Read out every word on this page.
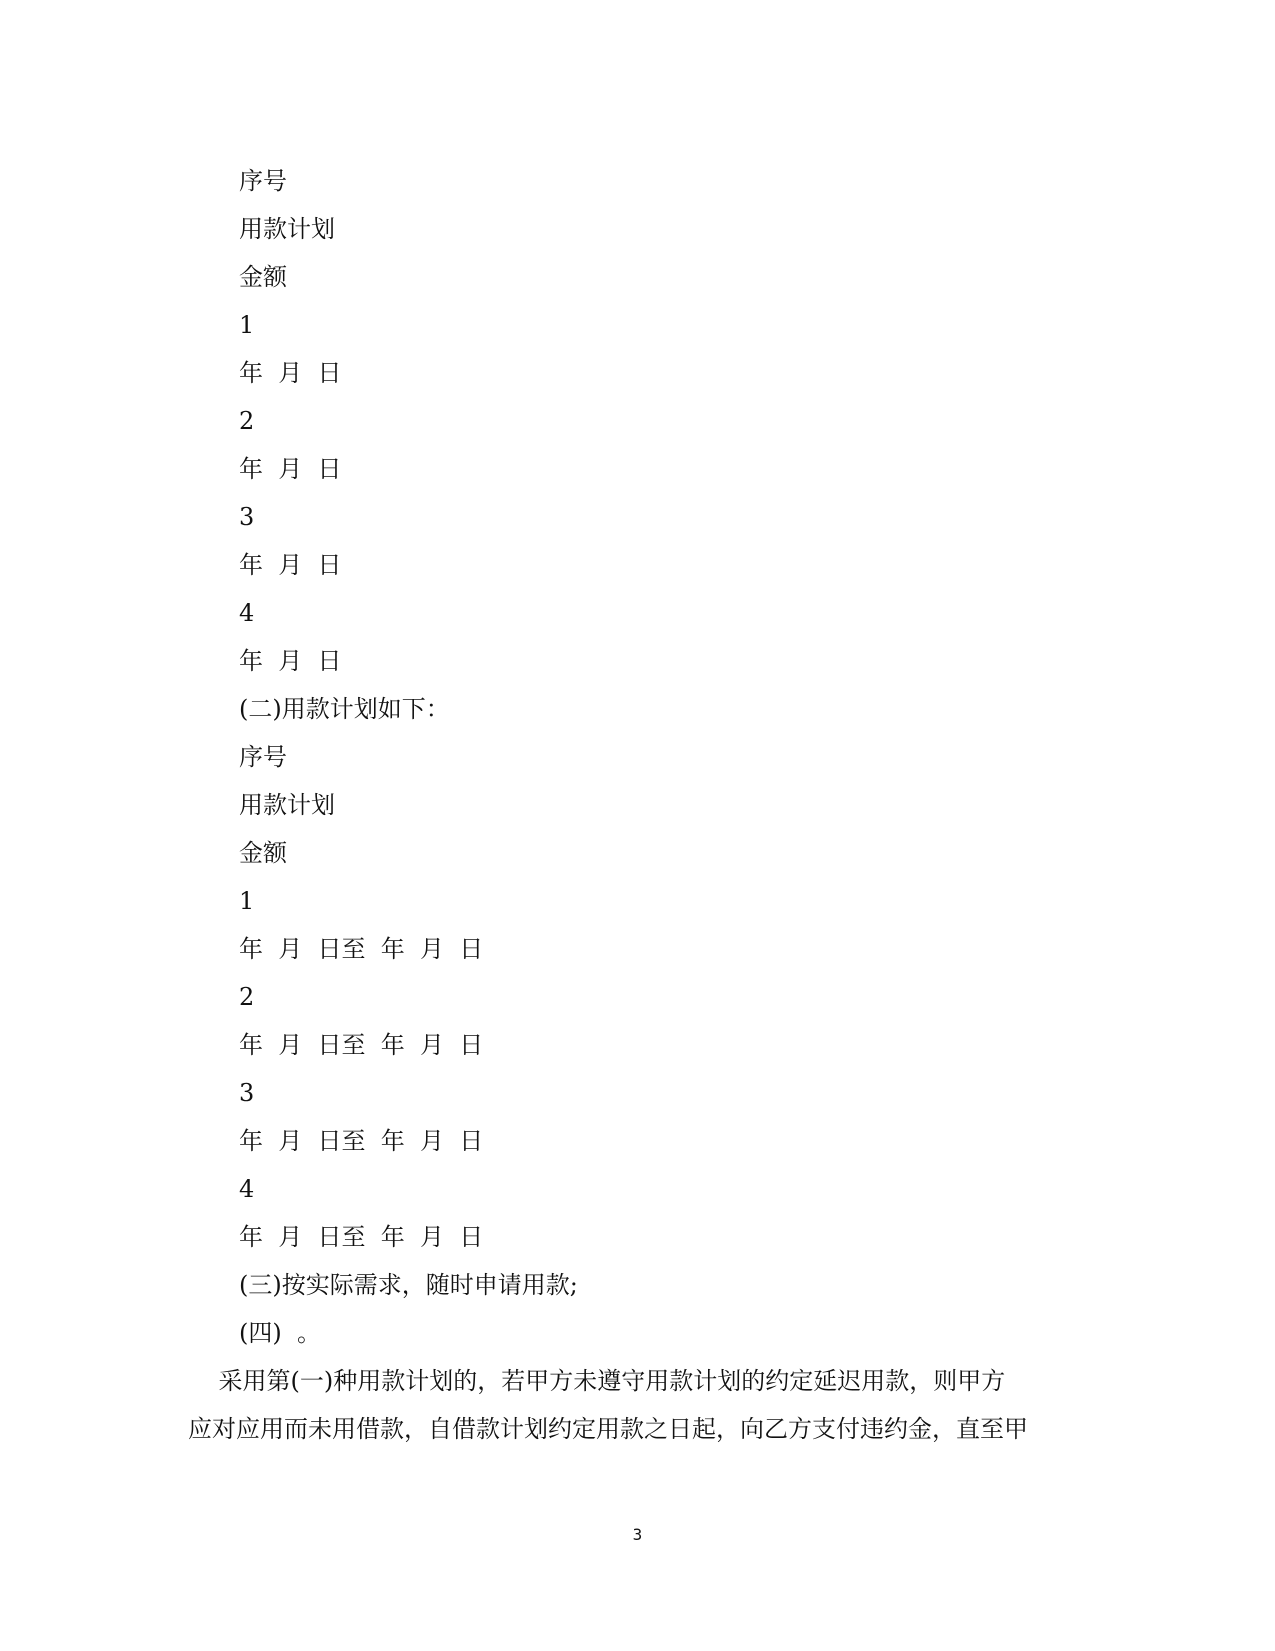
序号
用款计划
金额
1
年  月  日
2
年  月  日
3
年  月  日
4
年  月  日
(二)用款计划如下：
序号
用款计划
金额
1
年  月  日至  年  月  日
2
年  月  日至  年  月  日
3
年  月  日至  年  月  日
4
年  月  日至  年  月  日
(三)按实际需求，随时申请用款;
(四)  。
采用第(一)种用款计划的，若甲方未遵守用款计划的约定延迟用款，则甲方
应对应用而未用借款，自借款计划约定用款之日起，向乙方支付违约金，直至甲
3
